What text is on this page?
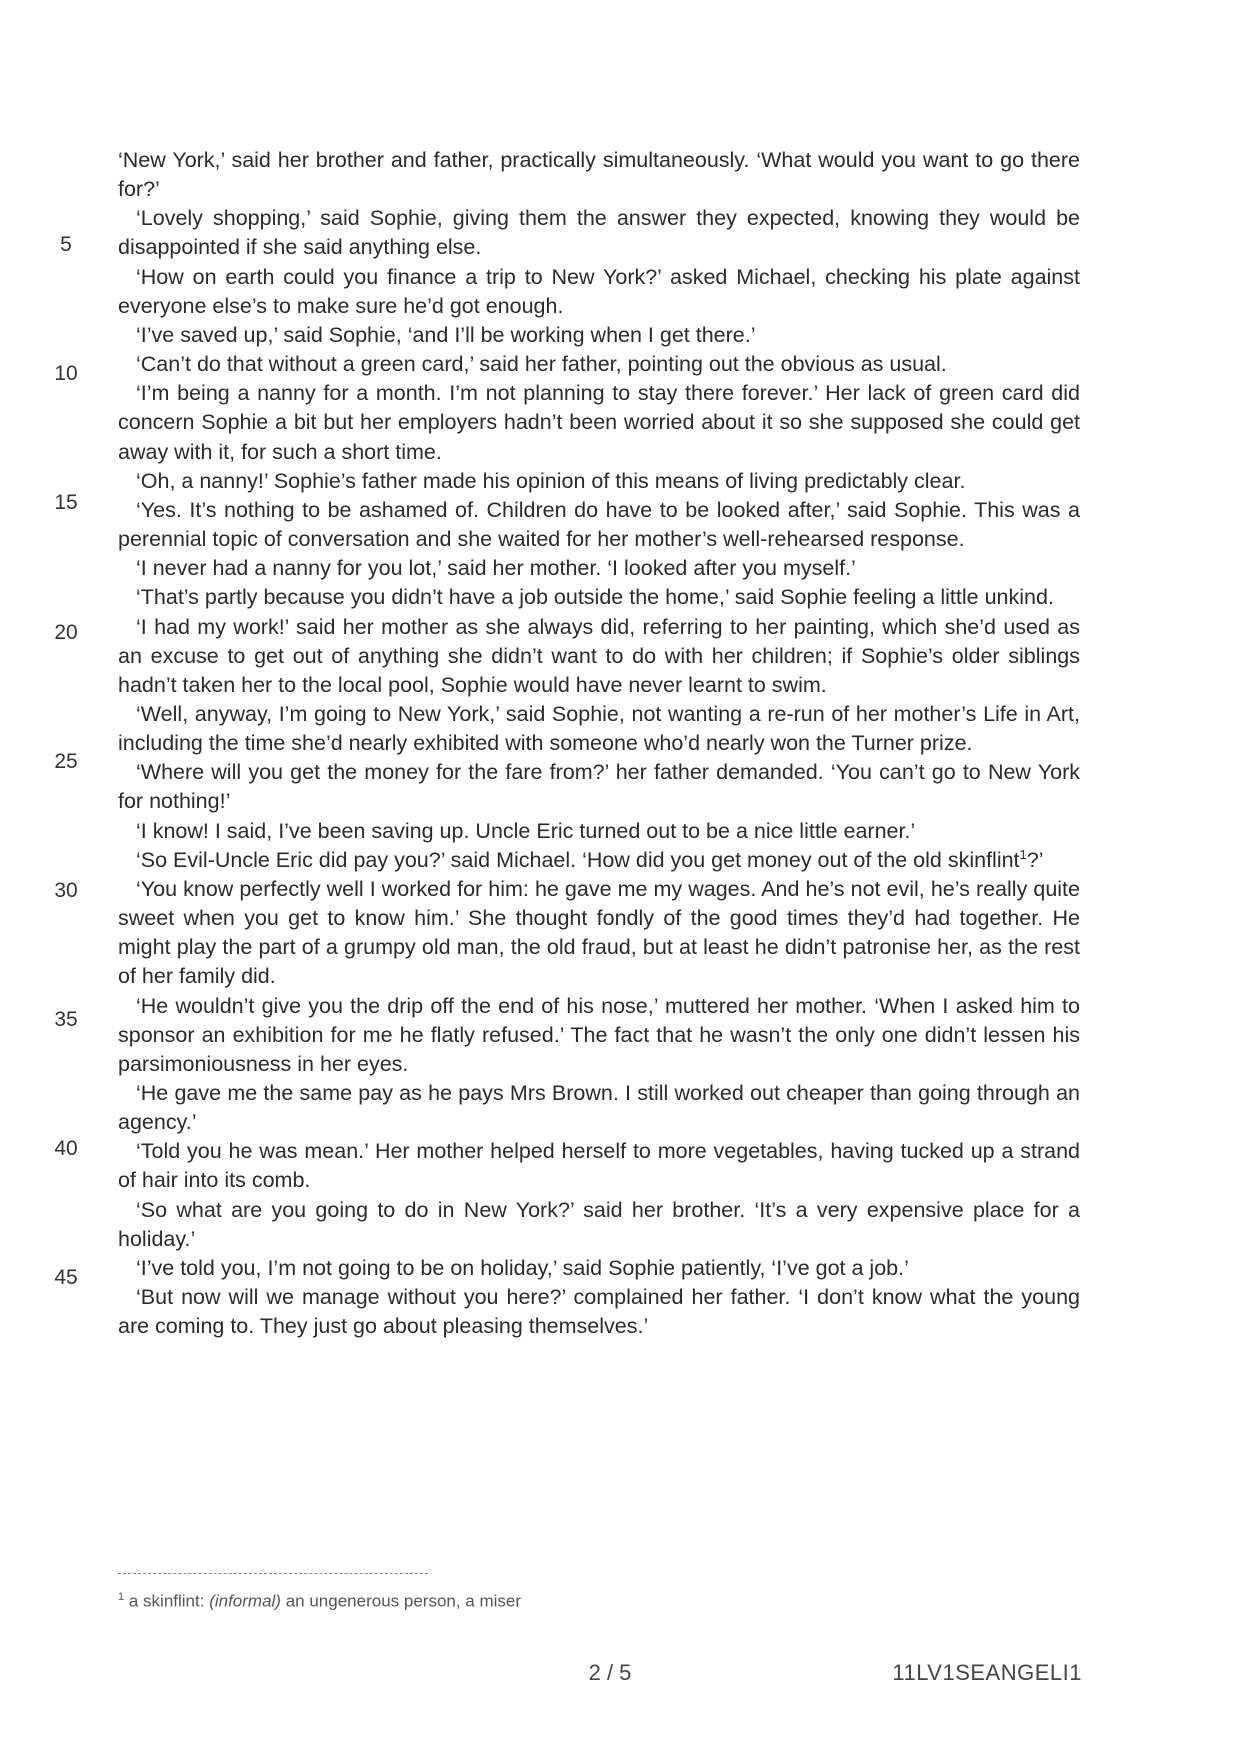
5
10
15
20
25
30
35
40
45

‘New York,’ said her brother and father, practically simultaneously. ‘What would you want to go there for?’

‘Lovely shopping,’ said Sophie, giving them the answer they expected, knowing they would be disappointed if she said anything else.

‘How on earth could you finance a trip to New York?’ asked Michael, checking his plate against everyone else’s to make sure he’d got enough.

‘I’ve saved up,’ said Sophie, ‘and I’ll be working when I get there.’

‘Can’t do that without a green card,’ said her father, pointing out the obvious as usual.

‘I’m being a nanny for a month. I’m not planning to stay there forever.’ Her lack of green card did concern Sophie a bit but her employers hadn’t been worried about it so she supposed she could get away with it, for such a short time.

‘Oh, a nanny!’ Sophie’s father made his opinion of this means of living predictably clear.

‘Yes. It’s nothing to be ashamed of. Children do have to be looked after,’ said Sophie. This was a perennial topic of conversation and she waited for her mother’s well-rehearsed response.

‘I never had a nanny for you lot,’ said her mother. ‘I looked after you myself.’

‘That’s partly because you didn’t have a job outside the home,’ said Sophie feeling a little unkind.

‘I had my work!’ said her mother as she always did, referring to her painting, which she’d used as an excuse to get out of anything she didn’t want to do with her children; if Sophie’s older siblings hadn’t taken her to the local pool, Sophie would have never learnt to swim.

‘Well, anyway, I’m going to New York,’ said Sophie, not wanting a re-run of her mother’s Life in Art, including the time she’d nearly exhibited with someone who’d nearly won the Turner prize.

‘Where will you get the money for the fare from?’ her father demanded. ‘You can’t go to New York for nothing!’

‘I know! I said, I’ve been saving up. Uncle Eric turned out to be a nice little earner.’

‘So Evil-Uncle Eric did pay you?’ said Michael. ‘How did you get money out of the old skinflint$^1$?’

‘You know perfectly well I worked for him: he gave me my wages. And he’s not evil, he’s really quite sweet when you get to know him.’ She thought fondly of the good times they’d had together. He might play the part of a grumpy old man, the old fraud, but at least he didn’t patronise her, as the rest of her family did.

‘He wouldn’t give you the drip off the end of his nose,’ muttered her mother. ‘When I asked him to sponsor an exhibition for me he flatly refused.’ The fact that he wasn’t the only one didn’t lessen his parsimoniousness in her eyes.

‘He gave me the same pay as he pays Mrs Brown. I still worked out cheaper than going through an agency.’

‘Told you he was mean.’ Her mother helped herself to more vegetables, having tucked up a strand of hair into its comb.

‘So what are you going to do in New York?’ said her brother. ‘It’s a very expensive place for a holiday.’

‘I’ve told you, I’m not going to be on holiday,’ said Sophie patiently, ‘I’ve got a job.’

‘But now will we manage without you here?’ complained her father. ‘I don’t know what the young are coming to. They just go about pleasing themselves.’

$^1$ a skinflint: (informal) an ungenerous person, a miser
2 / 5	11LV1SEANGELI1
